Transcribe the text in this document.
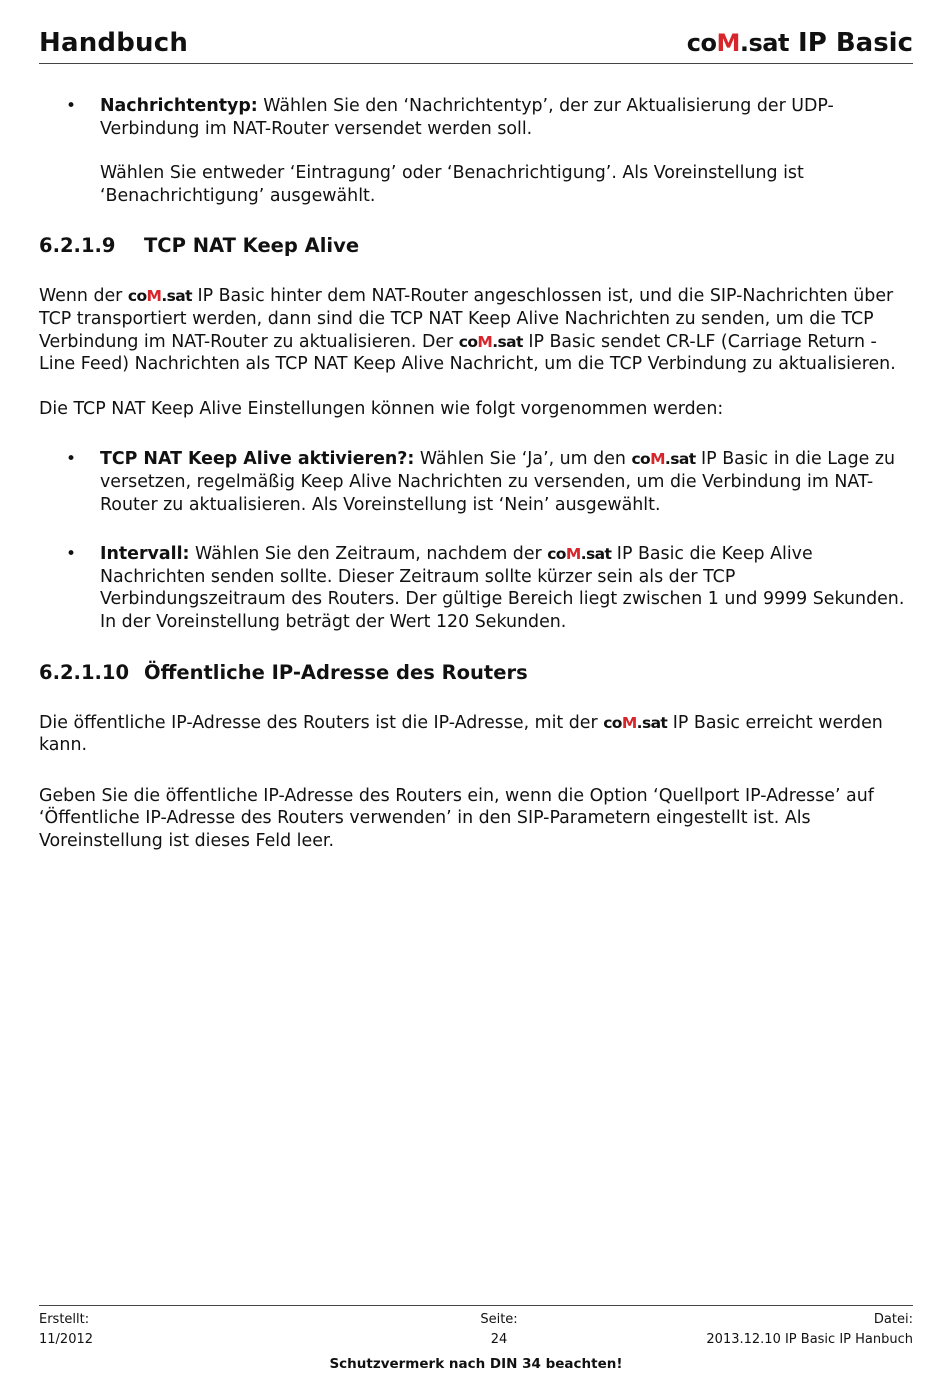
Handbuch	coM.sat IP Basic
• Nachrichtentyp: Wählen Sie den ‘Nachrichtentyp’, der zur Aktualisierung der UDP-Verbindung im NAT-Router versendet werden soll.
Wählen Sie entweder ‘Eintragung’ oder ‘Benachrichtigung’. Als Voreinstellung ist ‘Benachrichtigung’ ausgewählt.
6.2.1.9 TCP NAT Keep Alive

Wenn der coM.sat IP Basic hinter dem NAT-Router angeschlossen ist, und die SIP-Nachrichten über TCP transportiert werden, dann sind die TCP NAT Keep Alive Nachrichten zu senden, um die TCP Verbindung im NAT-Router zu aktualisieren. Der coM.sat IP Basic sendet CR-LF (Carriage Return - Line Feed) Nachrichten als TCP NAT Keep Alive Nachricht, um die TCP Verbindung zu aktualisieren.

Die TCP NAT Keep Alive Einstellungen können wie folgt vorgenommen werden:

• TCP NAT Keep Alive aktivieren?: Wählen Sie ‘Ja’, um den coM.sat IP Basic in die Lage zu versetzen, regelmäßig Keep Alive Nachrichten zu versenden, um die Verbindung im NAT-Router zu aktualisieren. Als Voreinstellung ist ‘Nein’ ausgewählt.
• Intervall: Wählen Sie den Zeitraum, nachdem der coM.sat IP Basic die Keep Alive Nachrichten senden sollte. Dieser Zeitraum sollte kürzer sein als der TCP Verbindungszeitraum des Routers. Der gültige Bereich liegt zwischen 1 und 9999 Sekunden. In der Voreinstellung beträgt der Wert 120 Sekunden.
6.2.1.10 Öffentliche IP-Adresse des Routers

Die öffentliche IP-Adresse des Routers ist die IP-Adresse, mit der coM.sat IP Basic erreicht werden kann.

Geben Sie die öffentliche IP-Adresse des Routers ein, wenn die Option ‘Quellport IP-Adresse’ auf ‘Öffentliche IP-Adresse des Routers verwenden’ in den SIP-Parametern eingestellt ist. Als Voreinstellung ist dieses Feld leer.

Erstellt:
11/2012
Seite:
24
Datei:
2013.12.10 IP Basic IP Hanbuch
Schutzvermerk nach DIN 34 beachten!
